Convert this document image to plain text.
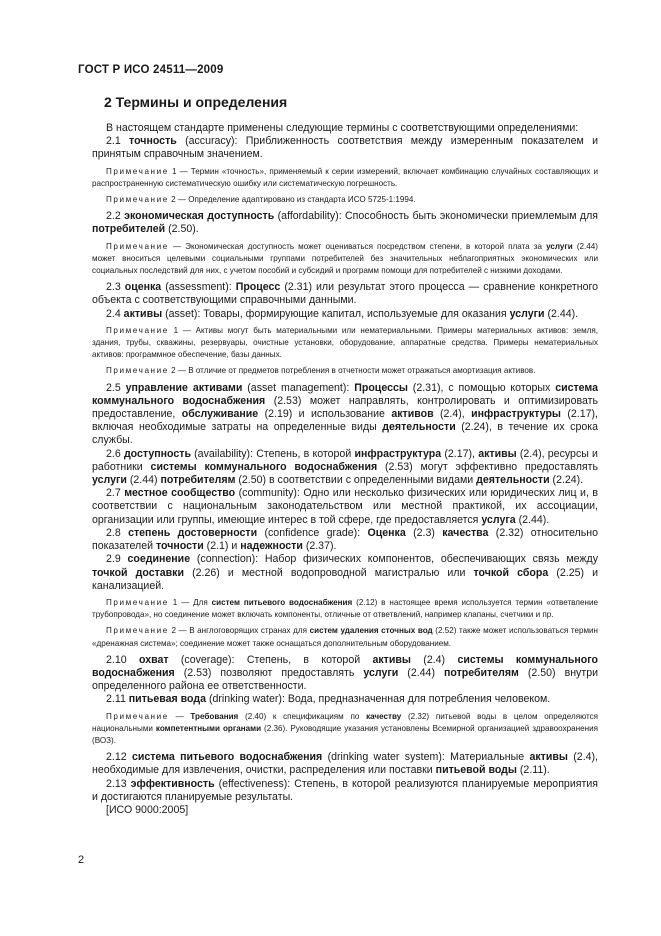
ГОСТ Р ИСО 24511—2009
2 Термины и определения

В настоящем стандарте применены следующие термины с соответствующими определениями:

2.1 точность (accuracy): Приближенность соответствия между измеренным показателем и принятым справочным значением.

Примечание 1 — Термин «точность», применяемый к серии измерений, включает комбинацию случайных составляющих и распространенную систематическую ошибку или систематическую погрешность.

Примечание 2 — Определение адаптировано из стандарта ИСО 5725-1:1994.

2.2 экономическая доступность (affordability): Способность быть экономически приемлемым для потребителей (2.50).

Примечание — Экономическая доступность может оцениваться посредством степени, в которой плата за услуги (2.44) может вноситься целевыми социальными группами потребителей без значительных неблагоприятных экономических или социальных последствий для них, с учетом пособий и субсидий и программ помощи для потребителей с низкими доходами.

2.3 оценка (assessment): Процесс (2.31) или результат этого процесса — сравнение конкретного объекта с соответствующими справочными данными.

2.4 активы (asset): Товары, формирующие капитал, используемые для оказания услуги (2.44).

Примечание 1 — Активы могут быть материальными или нематериальными. Примеры материальных активов: земля, здания, трубы, скважины, резервуары, очистные установки, оборудование, аппаратные средства. Примеры нематериальных активов: программное обеспечение, базы данных.

Примечание 2 — В отличие от предметов потребления в отчетности может отражаться амортизация активов.

2.5 управление активами (asset management): Процессы (2.31), с помощью которых система коммунального водоснабжения (2.53) может направлять, контролировать и оптимизировать предоставление, обслуживание (2.19) и использование активов (2.4), инфраструктуры (2.17), включая необходимые затраты на определенные виды деятельности (2.24), в течение их срока службы.

2.6 доступность (availability): Степень, в которой инфраструктура (2.17), активы (2.4), ресурсы и работники системы коммунального водоснабжения (2.53) могут эффективно предоставлять услуги (2.44) потребителям (2.50) в соответствии с определенными видами деятельности (2.24).

2.7 местное сообщество (community): Одно или несколько физических или юридических лиц и, в соответствии с национальным законодательством или местной практикой, их ассоциации, организации или группы, имеющие интерес в той сфере, где предоставляется услуга (2.44).

2.8 степень достоверности (confidence grade): Оценка (2.3) качества (2.32) относительно показателей точности (2.1) и надежности (2.37).

2.9 соединение (connection): Набор физических компонентов, обеспечивающих связь между точкой доставки (2.26) и местной водопроводной магистралью или точкой сбора (2.25) и канализацией.

Примечание 1 — Для систем питьевого водоснабжения (2.12) в настоящее время используется термин «ответвление трубопровода», но соединение может включать компоненты, отличные от ответвлений, например клапаны, счетчики и пр.

Примечание 2 — В англоговорящих странах для систем удаления сточных вод (2.52) также может использоваться термин «дренажная система»; соединение может также оснащаться дополнительным оборудованием.

2.10 охват (coverage): Степень, в которой активы (2.4) системы коммунального водоснабжения (2.53) позволяют предоставлять услуги (2.44) потребителям (2.50) внутри определенного района ее ответственности.

2.11 питьевая вода (drinking water): Вода, предназначенная для потребления человеком.

Примечание — Требования (2.40) к спецификациям по качеству (2.32) питьевой воды в целом определяются национальными компетентными органами (2.36). Руководящие указания установлены Всемирной организацией здравоохранения (ВОЗ).

2.12 система питьевого водоснабжения (drinking water system): Материальные активы (2.4), необходимые для извлечения, очистки, распределения или поставки питьевой воды (2.11).

2.13 эффективность (effectiveness): Степень, в которой реализуются планируемые мероприятия и достигаются планируемые результаты.

[ИСО 9000:2005]

2
